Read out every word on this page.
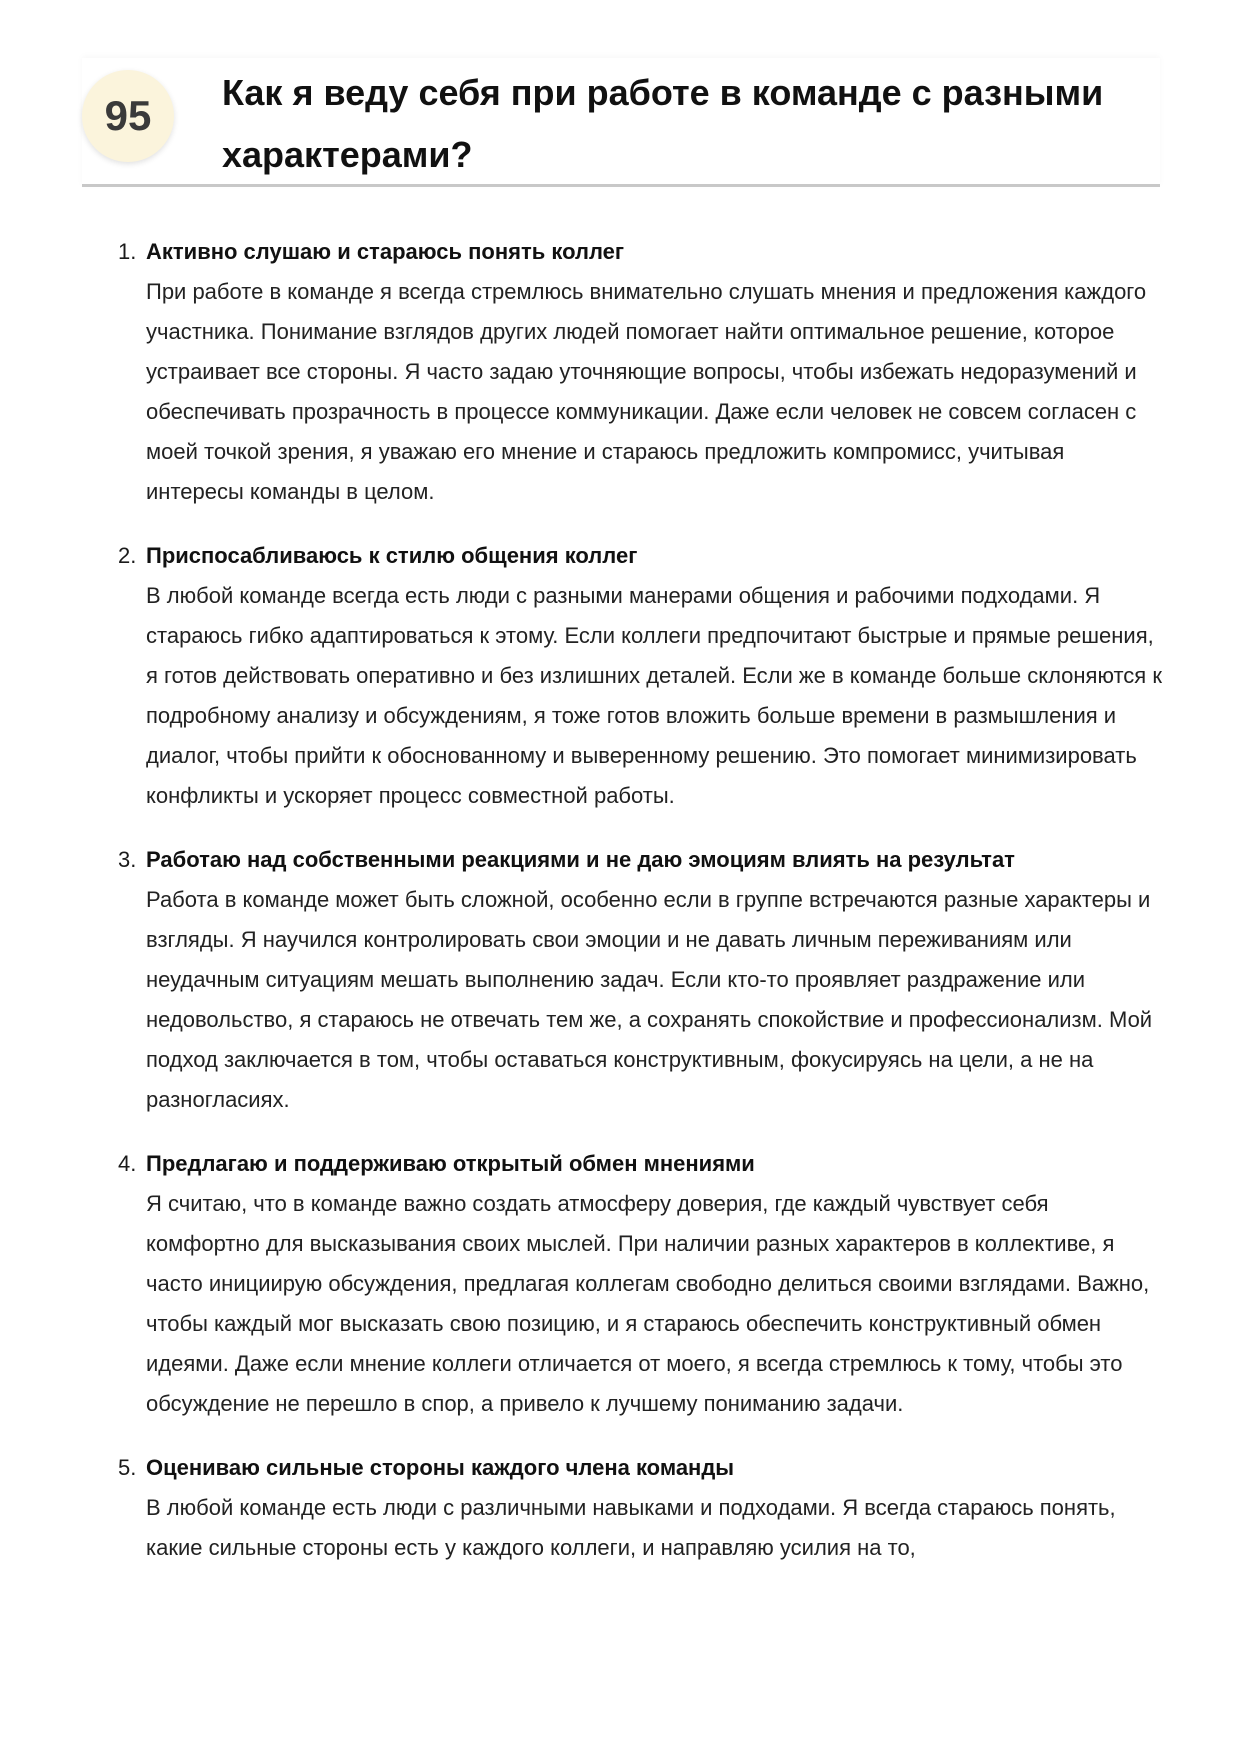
95	Как я веду себя при работе в команде с разными характерами?
1. Активно слушаю и стараюсь понять коллег
При работе в команде я всегда стремлюсь внимательно слушать мнения и предложения каждого участника. Понимание взглядов других людей помогает найти оптимальное решение, которое устраивает все стороны. Я часто задаю уточняющие вопросы, чтобы избежать недоразумений и обеспечивать прозрачность в процессе коммуникации. Даже если человек не совсем согласен с моей точкой зрения, я уважаю его мнение и стараюсь предложить компромисс, учитывая интересы команды в целом.
2. Приспосабливаюсь к стилю общения коллег
В любой команде всегда есть люди с разными манерами общения и рабочими подходами. Я стараюсь гибко адаптироваться к этому. Если коллеги предпочитают быстрые и прямые решения, я готов действовать оперативно и без излишних деталей. Если же в команде больше склоняются к подробному анализу и обсуждениям, я тоже готов вложить больше времени в размышления и диалог, чтобы прийти к обоснованному и выверенному решению. Это помогает минимизировать конфликты и ускоряет процесс совместной работы.
3. Работаю над собственными реакциями и не даю эмоциям влиять на результат
Работа в команде может быть сложной, особенно если в группе встречаются разные характеры и взгляды. Я научился контролировать свои эмоции и не давать личным переживаниям или неудачным ситуациям мешать выполнению задач. Если кто-то проявляет раздражение или недовольство, я стараюсь не отвечать тем же, а сохранять спокойствие и профессионализм. Мой подход заключается в том, чтобы оставаться конструктивным, фокусируясь на цели, а не на разногласиях.
4. Предлагаю и поддерживаю открытый обмен мнениями
Я считаю, что в команде важно создать атмосферу доверия, где каждый чувствует себя комфортно для высказывания своих мыслей. При наличии разных характеров в коллективе, я часто инициирую обсуждения, предлагая коллегам свободно делиться своими взглядами. Важно, чтобы каждый мог высказать свою позицию, и я стараюсь обеспечить конструктивный обмен идеями. Даже если мнение коллеги отличается от моего, я всегда стремлюсь к тому, чтобы это обсуждение не перешло в спор, а привело к лучшему пониманию задачи.
5. Оцениваю сильные стороны каждого члена команды
В любой команде есть люди с различными навыками и подходами. Я всегда стараюсь понять, какие сильные стороны есть у каждого коллеги, и направляю усилия на то,
